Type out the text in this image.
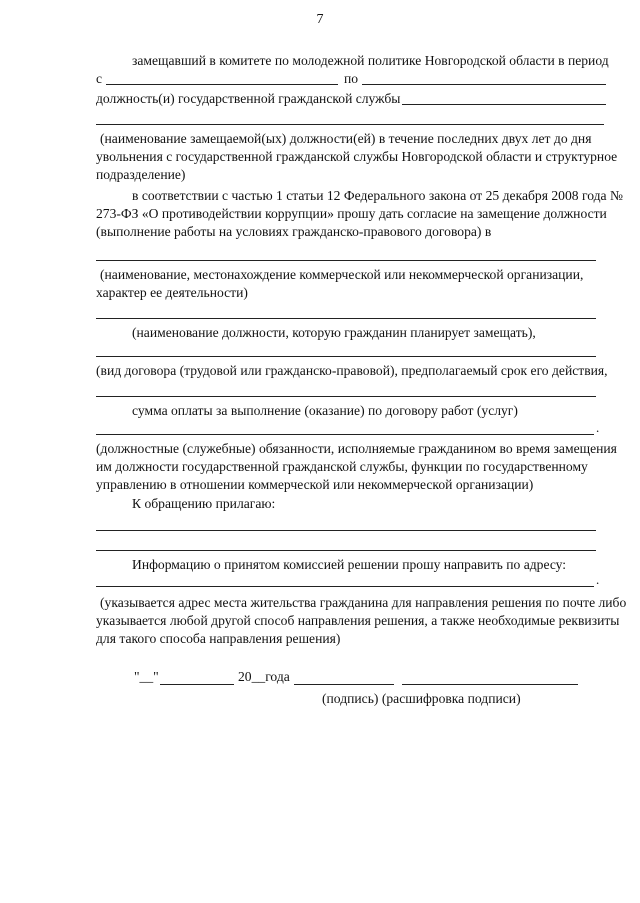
7
замещавший в комитете по молодежной политике Новгородской области в период
с	по
должность(и) государственной гражданской службы
(наименование замещаемой(ых) должности(ей) в течение последних двух лет до дня
увольнения с государственной гражданской службы Новгородской области и структурное
подразделение)
в соответствии с частью 1 статьи 12 Федерального закона от 25 декабря 2008 года №
273-ФЗ «О противодействии коррупции» прошу дать согласие на замещение должности
(выполнение работы на условиях гражданско-правового договора) в
(наименование, местонахождение коммерческой или некоммерческой организации,
характер ее деятельности)
(наименование должности, которую гражданин планирует замещать),
(вид договора (трудовой или гражданско-правовой), предполагаемый срок его действия,
сумма оплаты за выполнение (оказание) по договору работ (услуг)
.
(должностные (служебные) обязанности, исполняемые гражданином во время замещения
им должности государственной гражданской службы, функции по государственному
управлению в отношении коммерческой или некоммерческой организации)
К обращению прилагаю:
Информацию о принятом комиссией решении прошу направить по адресу:
.
(указывается адрес места жительства гражданина для направления решения по почте либо
указывается любой другой способ направления решения, а также необходимые реквизиты
для такого способа направления решения)
"__"	20__года
(подпись) (расшифровка подписи)
